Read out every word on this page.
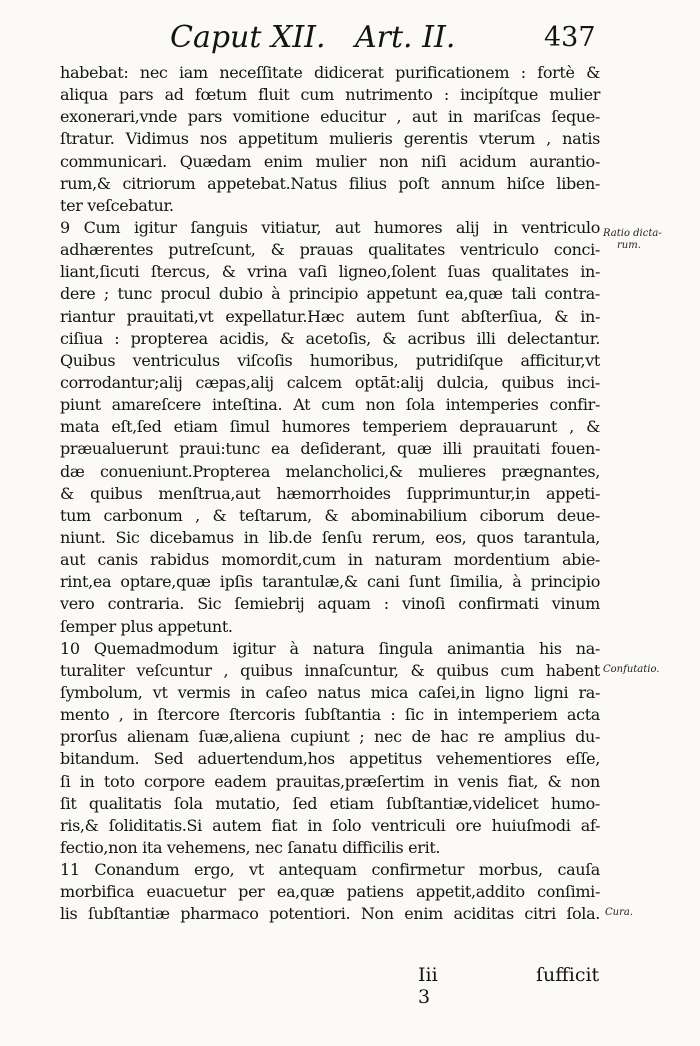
Caput XII. Art. II.	437
habebat: nec iam neceſſitate didicerat purificationem : fortè &
aliqua pars ad fœtum fluit cum nutrimento : incipítque mulier
exonerari,vnde pars vomitione educitur , aut in mariſcas ſeque-
ſtratur. Vidimus nos appetitum mulieris gerentis vterum , natis
communicari. Quædam enim mulier non niſi acidum aurantio-
rum,& citriorum appetebat.Natus filius poſt annum hiſce liben-
ter veſcebatur.
9 Cum igitur ſanguis vitiatur, aut humores alij in ventriculo
adhærentes putreſcunt, & prauas qualitates ventriculo conci-
liant,ſicuti ſtercus, & vrina vaſi ligneo,ſolent ſuas qualitates in-
dere ; tunc procul dubio à principio appetunt ea,quæ tali contra-
riantur prauitati,vt expellatur.Hæc autem ſunt abſterſiua, & in-
ciſiua : propterea acidis, & acetoſis, & acribus illi delectantur.
Quibus ventriculus viſcoſis humoribus, putridiſque afficitur,vt
corrodantur;alij cæpas,alij calcem optāt:alij dulcia, quibus inci-
piunt amareſcere inteſtina. At cum non ſola intemperies confir-
mata eſt,ſed etiam ſimul humores temperiem deprauarunt , &
præualuerunt praui:tunc ea deſiderant, quæ illi prauitati fouen-
dæ conueniunt.Propterea melancholici,& mulieres prægnantes,
& quibus menſtrua,aut hæmorrhoides ſupprimuntur,in appeti-
tum carbonum , & teſtarum, & abominabilium ciborum deue-
niunt. Sic dicebamus in lib.de ſenſu rerum, eos, quos tarantula,
aut canis rabidus momordit,cum in naturam mordentium abie-
rint,ea optare,quæ ipſis tarantulæ,& cani ſunt ſimilia, à principio
vero contraria. Sic ſemiebrij aquam : vinoſi confirmati vinum
ſemper plus appetunt.
10 Quemadmodum igitur à natura ſingula animantia his na-
turaliter veſcuntur , quibus innaſcuntur, & quibus cum habent
ſymbolum, vt vermis in caſeo natus mica caſei,in ligno ligni ra-
mento , in ſtercore ſtercoris ſubſtantia : ſic in intemperiem acta
prorſus alienam ſuæ,aliena cupiunt ; nec de hac re amplius du-
bitandum. Sed aduertendum,hos appetitus vehementiores eſſe,
ſi in toto corpore eadem prauitas,præſertim in venis fiat, & non
ſit qualitatis ſola mutatio, ſed etiam ſubſtantiæ,videlicet humo-
ris,& ſoliditatis.Si autem fiat in ſolo ventriculi ore huiuſmodi af-
fectio,non ita vehemens, nec ſanatu difficilis erit.
11 Conandum ergo, vt antequam confirmetur morbus, cauſa
morbifica euacuetur per ea,quæ patiens appetit,addito conſimi-
lis ſubſtantiæ pharmaco potentiori. Non enim aciditas citri ſola.
Iii 3
ſufficit
Ratio dicta-
rum.
Confutatio.
Cura.
